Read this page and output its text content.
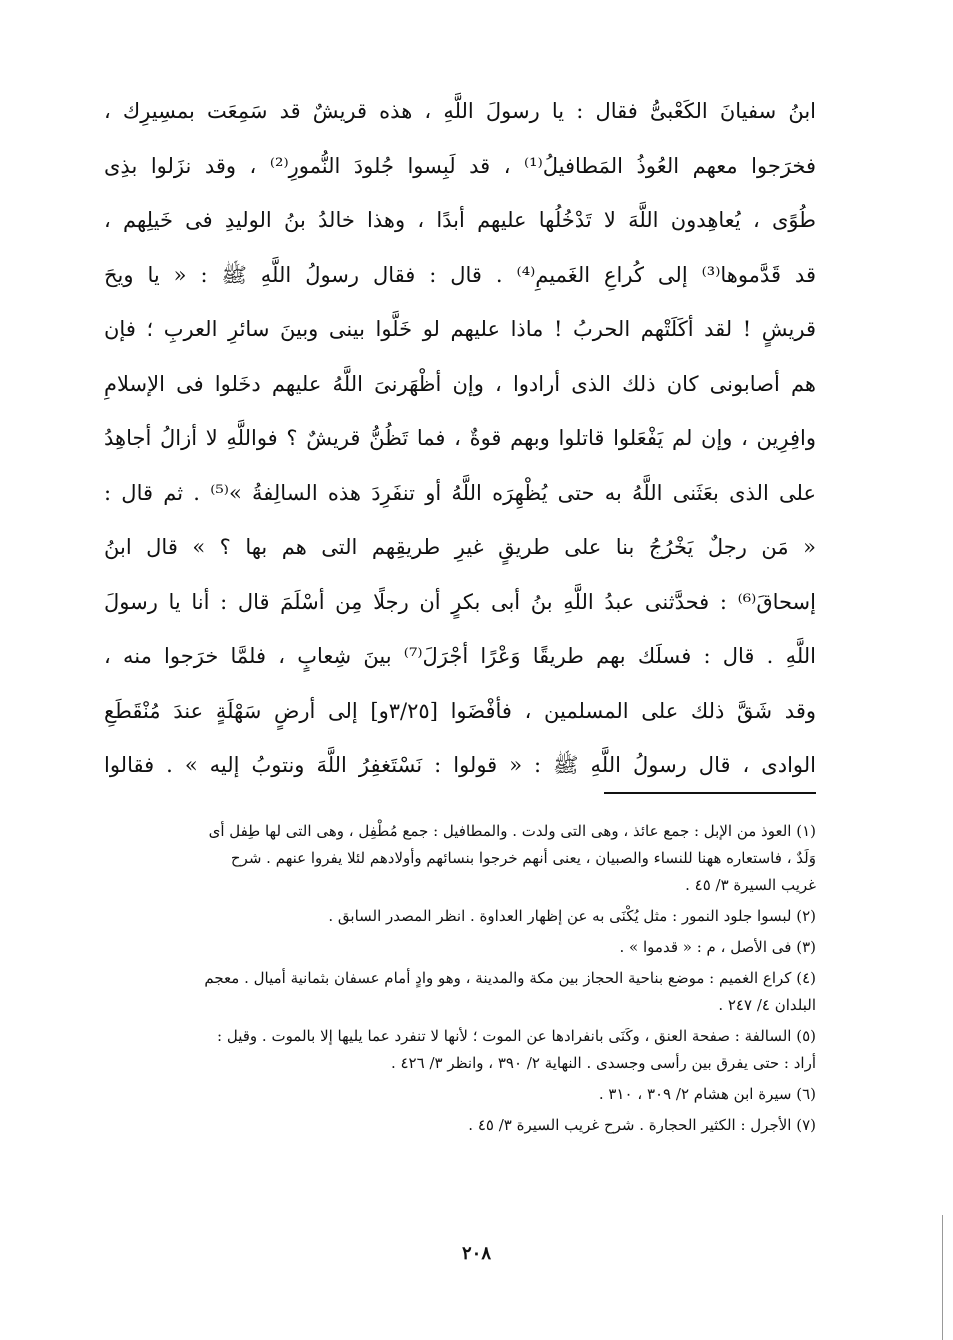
ابنُ سفيانَ الكَعْبىُّ فقال : يا رسولَ اللَّهِ ، هذه قريشٌ قد سَمِعَت بمسِيرِك ،
فخرَجوا معهم العُوذُ المَطافيلُ⁽¹⁾ ، قد لَبِسوا جُلودَ النُّمورِ⁽²⁾ ، وقد نزَلوا بذِى
طُوًى ، يُعاهِدون اللَّهَ لا تَدْخُلُها عليهم أبدًا ، وهذا خالدُ بنُ الوليدِ فى خَيلِهم ،
قد قَدَّموها⁽³⁾ إلى كُراعِ الغَميمِ⁽⁴⁾ . قال : فقال رسولُ اللَّهِ ﷺ : « يا ويحَ
قريشٍ ! لقد أكَلَتْهم الحربُ ! ماذا عليهم لو خَلَّوا بينى وبينَ سائرِ العربِ ؛ فإن
هم أصابونى كان ذلك الذى أرادوا ، وإن أظْهَرنىَ اللَّهُ عليهم دخَلوا فى الإسلامِ
وافِرِين ، وإن لم يَفْعَلوا قاتلوا وبهم قوةٌ ، فما تَظُنُّ قريشٌ ؟ فواللَّهِ لا أزالُ أجاهِدُ
على الذى بعَثَنى اللَّهُ به حتى يُظْهِرَه اللَّهُ أو تنفَرِدَ هذه السالِفةُ »⁽⁵⁾ . ثم قال :
« مَن رجلٌ يَخْرُجُ بنا على طريقٍ غيرِ طريقِهم التى هم بها ؟ » قال ابنُ
إسحاقَ⁽⁶⁾ : فحدَّثنى عبدُ اللَّهِ بنُ أبى بكرٍ أن رجلًا مِن أسْلَمَ قال : أنا يا رسولَ
اللَّهِ . قال : فسلَك بهم طريقًا وَعْرًا أجْرَلَ⁽⁷⁾ بينَ شِعابٍ ، فلمَّا خرَجوا منه ،
وقد شَقَّ ذلك على المسلمين ، فأفْضَوا [٣/٢٥و] إلى أرضٍ سَهْلَةٍ عندَ مُنْقَطَعِ
الوادى ، قال رسولُ اللَّهِ ﷺ : « قولوا : نَسْتَغفِرُ اللَّهَ ونتوبُ إليه » . فقالوا
(١) العوذ من الإبل : جمع عائذ ، وهى التى ولدت . والمطافيل : جمع مُطْفِل ، وهى التى لها طِفل أى
وَلَدٌ ، فاستعاره ههنا للنساء والصبيان ، يعنى أنهم خرجوا بنسائهم وأولادهم لئلا يفروا عنهم . شرح
غريب السيرة ٣/ ٤٥ .
(٢) لبسوا جلود النمور : مثل يُكْنَى به عن إظهار العداوة . انظر المصدر السابق .
(٣) فى الأصل ، م : « قدموا » .
(٤) كراع الغميم : موضع بناحية الحجاز بين مكة والمدينة ، وهو وادٍ أمام عسفان بثمانية أميال . معجم
البلدان ٤/ ٢٤٧ .
(٥) السالفة : صفحة العنق ، وكَنَى بانفرادها عن الموت ؛ لأنها لا تنفرد عما يليها إلا بالموت . وقيل :
أراد : حتى يفرق بين رأسى وجسدى . النهاية ٢/ ٣٩٠ ، وانظر ٣/ ٤٢٦ .
(٦) سيرة ابن هشام ٢/ ٣٠٩ ، ٣١٠ .
(٧) الأجرل : الكثير الحجارة . شرح غريب السيرة ٣/ ٤٥ .
٢٠٨
